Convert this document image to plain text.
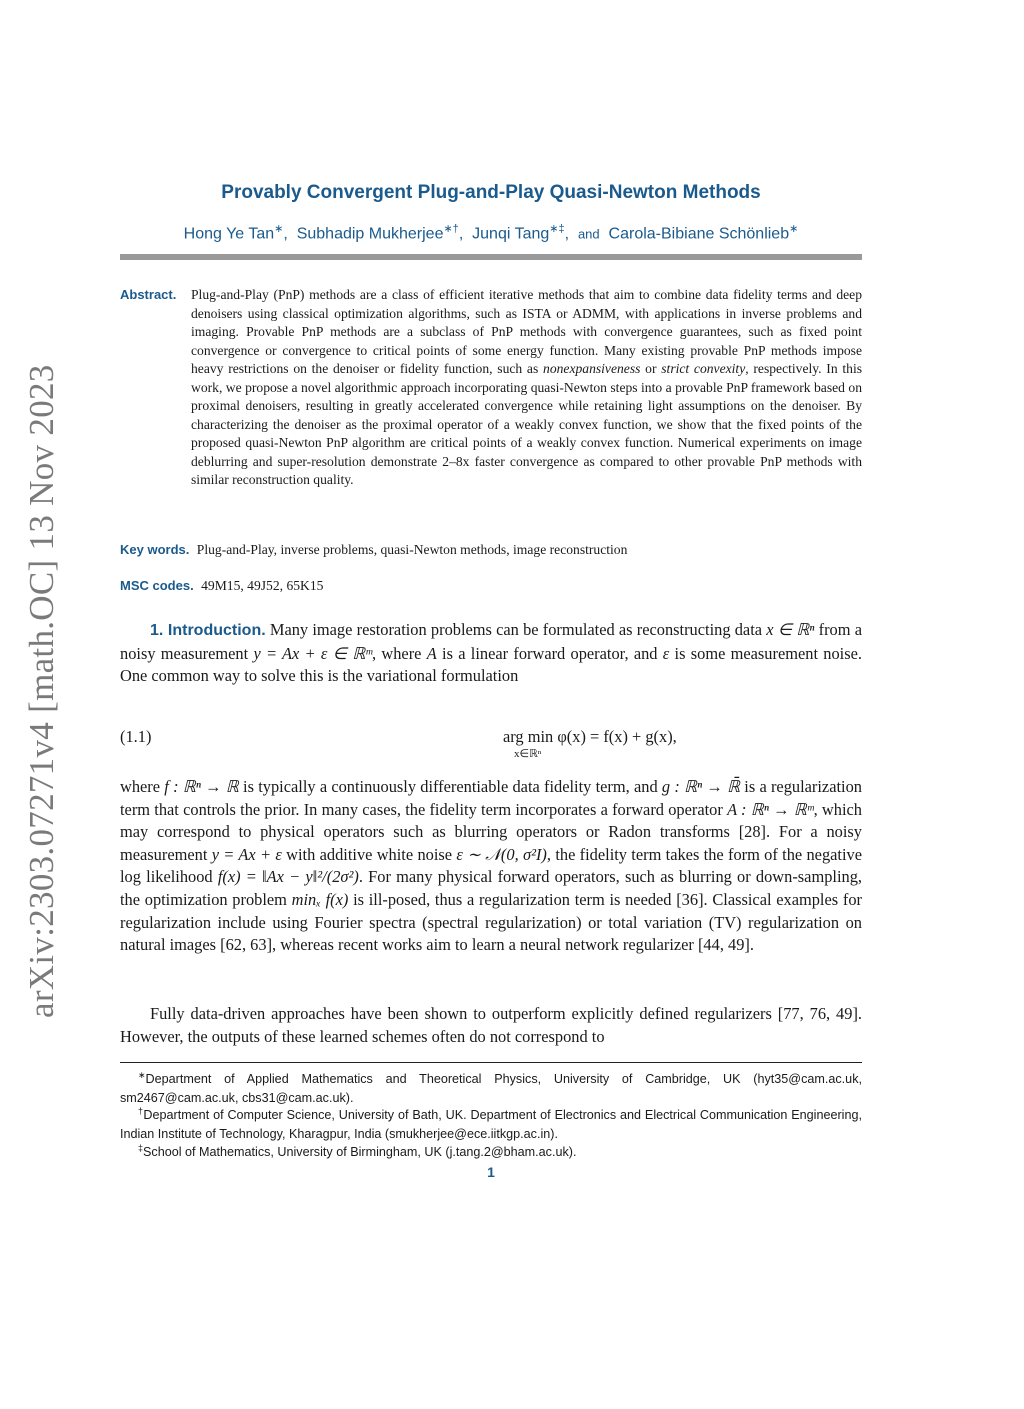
arXiv:2303.07271v4 [math.OC] 13 Nov 2023
Provably Convergent Plug-and-Play Quasi-Newton Methods
Hong Ye Tan∗,  Subhadip Mukherjee∗†,  Junqi Tang∗‡,  and Carola-Bibiane Schönlieb∗
Abstract. Plug-and-Play (PnP) methods are a class of efficient iterative methods that aim to combine data fidelity terms and deep denoisers using classical optimization algorithms, such as ISTA or ADMM, with applications in inverse problems and imaging. Provable PnP methods are a subclass of PnP methods with convergence guarantees, such as fixed point convergence or convergence to critical points of some energy function. Many existing provable PnP methods impose heavy restrictions on the denoiser or fidelity function, such as nonexpansiveness or strict convexity, respectively. In this work, we propose a novel algorithmic approach incorporating quasi-Newton steps into a provable PnP framework based on proximal denoisers, resulting in greatly accelerated convergence while retaining light assumptions on the denoiser. By characterizing the denoiser as the proximal operator of a weakly convex function, we show that the fixed points of the proposed quasi-Newton PnP algorithm are critical points of a weakly convex function. Numerical experiments on image deblurring and super-resolution demonstrate 2–8x faster convergence as compared to other provable PnP methods with similar reconstruction quality.
Key words. Plug-and-Play, inverse problems, quasi-Newton methods, image reconstruction
MSC codes. 49M15, 49J52, 65K15
1. Introduction. Many image restoration problems can be formulated as reconstructing data x ∈ ℝⁿ from a noisy measurement y = Ax + ε ∈ ℝᵐ, where A is a linear forward operator, and ε is some measurement noise. One common way to solve this is the variational formulation
(1.1)	arg min φ(x) = f(x) + g(x),
x∈ℝⁿ
where f : ℝⁿ → ℝ is typically a continuously differentiable data fidelity term, and g : ℝⁿ → ℝ̄ is a regularization term that controls the prior. In many cases, the fidelity term incorporates a forward operator A : ℝⁿ → ℝᵐ, which may correspond to physical operators such as blurring operators or Radon transforms [28]. For a noisy measurement y = Ax + ε with additive white noise ε ∼ 𝒩(0, σ²I), the fidelity term takes the form of the negative log likelihood f(x) = ‖Ax − y‖²/(2σ²). For many physical forward operators, such as blurring or down-sampling, the optimization problem minₓ f(x) is ill-posed, thus a regularization term is needed [36]. Classical examples for regularization include using Fourier spectra (spectral regularization) or total variation (TV) regularization on natural images [62, 63], whereas recent works aim to learn a neural network regularizer [44, 49].
Fully data-driven approaches have been shown to outperform explicitly defined regularizers [77, 76, 49]. However, the outputs of these learned schemes often do not correspond to
∗Department of Applied Mathematics and Theoretical Physics, University of Cambridge, UK (hyt35@cam.ac.uk, sm2467@cam.ac.uk, cbs31@cam.ac.uk).
†Department of Computer Science, University of Bath, UK. Department of Electronics and Electrical Communication Engineering, Indian Institute of Technology, Kharagpur, India (smukherjee@ece.iitkgp.ac.in).
‡School of Mathematics, University of Birmingham, UK (j.tang.2@bham.ac.uk).
1
